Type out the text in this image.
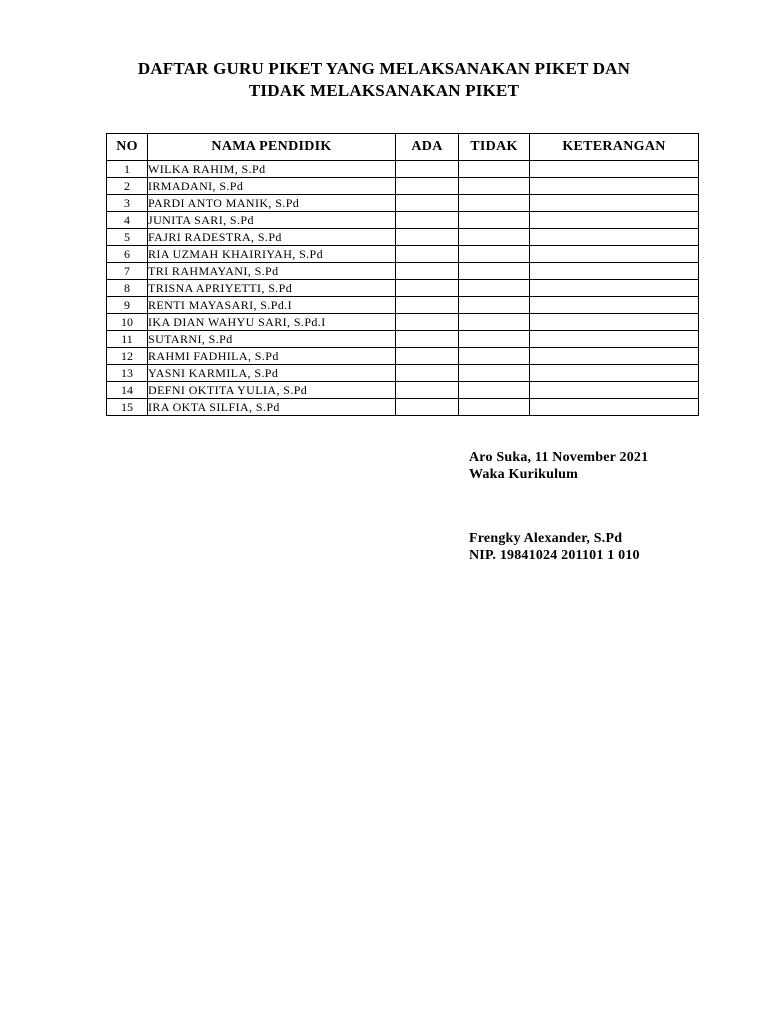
DAFTAR GURU PIKET YANG MELAKSANAKAN PIKET DAN
TIDAK MELAKSANAKAN PIKET
NO	NAMA PENDIDIK	ADA	TIDAK	KETERANGAN
1	WILKA RAHIM, S.Pd			
2	IRMADANI, S.Pd			
3	PARDI ANTO MANIK, S.Pd			
4	JUNITA SARI, S.Pd			
5	FAJRI RADESTRA, S.Pd			
6	RIA UZMAH KHAIRIYAH, S.Pd			
7	TRI RAHMAYANI, S.Pd			
8	TRISNA APRIYETTI, S.Pd			
9	RENTI MAYASARI, S.Pd.I			
10	IKA DIAN WAHYU SARI, S.Pd.I			
11	SUTARNI, S.Pd			
12	RAHMI FADHILA, S.Pd			
13	YASNI KARMILA, S.Pd			
14	DEFNI OKTITA YULIA, S.Pd			
15	IRA OKTA SILFIA, S.Pd			
Aro Suka, 11 November 2021
Waka Kurikulum
Frengky Alexander, S.Pd
NIP. 19841024 201101 1 010
